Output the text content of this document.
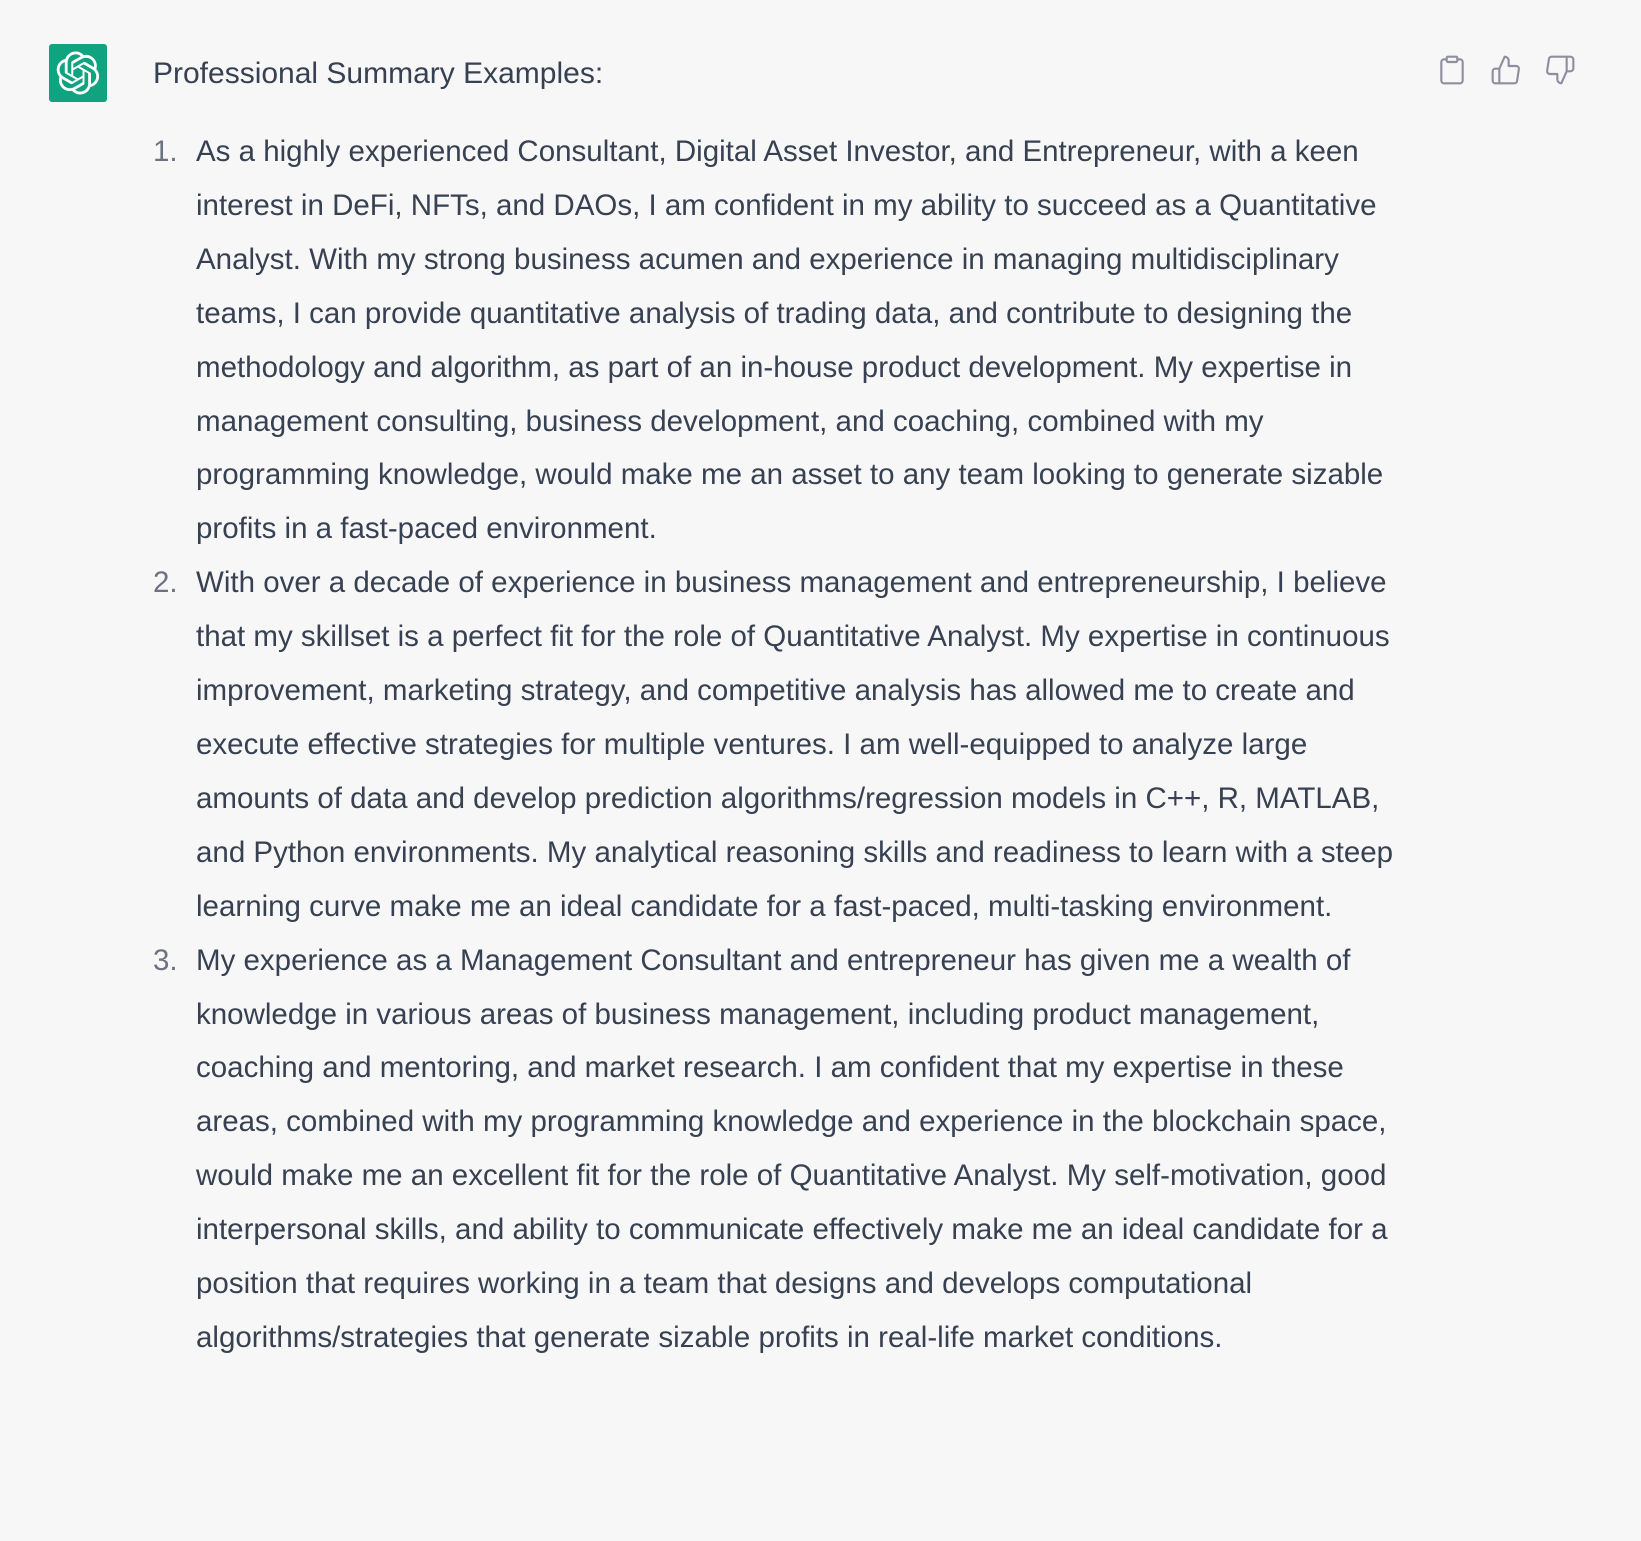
Professional Summary Examples:
1. As a highly experienced Consultant, Digital Asset Investor, and Entrepreneur, with a keen interest in DeFi, NFTs, and DAOs, I am confident in my ability to succeed as a Quantitative Analyst. With my strong business acumen and experience in managing multidisciplinary teams, I can provide quantitative analysis of trading data, and contribute to designing the methodology and algorithm, as part of an in-house product development. My expertise in management consulting, business development, and coaching, combined with my programming knowledge, would make me an asset to any team looking to generate sizable profits in a fast-paced environment.
2. With over a decade of experience in business management and entrepreneurship, I believe that my skillset is a perfect fit for the role of Quantitative Analyst. My expertise in continuous improvement, marketing strategy, and competitive analysis has allowed me to create and execute effective strategies for multiple ventures. I am well-equipped to analyze large amounts of data and develop prediction algorithms/regression models in C++, R, MATLAB, and Python environments. My analytical reasoning skills and readiness to learn with a steep learning curve make me an ideal candidate for a fast-paced, multi-tasking environment.
3. My experience as a Management Consultant and entrepreneur has given me a wealth of knowledge in various areas of business management, including product management, coaching and mentoring, and market research. I am confident that my expertise in these areas, combined with my programming knowledge and experience in the blockchain space, would make me an excellent fit for the role of Quantitative Analyst. My self-motivation, good interpersonal skills, and ability to communicate effectively make me an ideal candidate for a position that requires working in a team that designs and develops computational algorithms/strategies that generate sizable profits in real-life market conditions.
